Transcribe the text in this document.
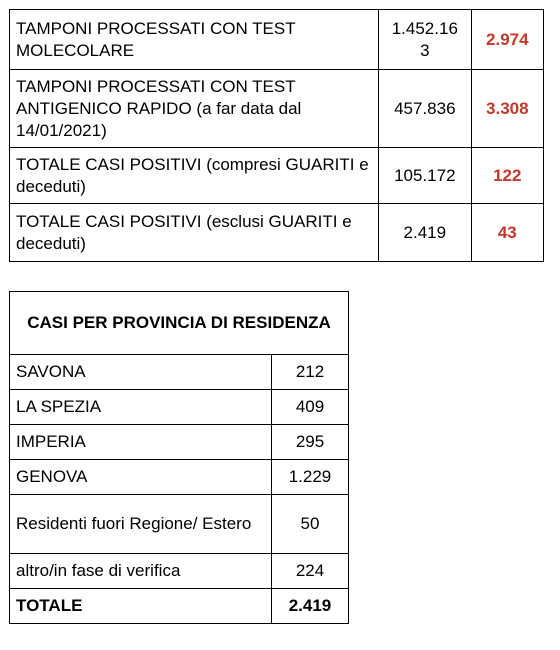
TAMPONI PROCESSATI CON TEST MOLECOLARE	1.452.163	2.974
TAMPONI PROCESSATI CON TEST ANTIGENICO RAPIDO (a far data dal 14/01/2021)	457.836	3.308
TOTALE CASI POSITIVI (compresi GUARITI e deceduti)	105.172	122
TOTALE CASI POSITIVI (esclusi GUARITI e deceduti)	2.419	43
CASI PER PROVINCIA DI RESIDENZA	
SAVONA	212
LA SPEZIA	409
IMPERIA	295
GENOVA	1.229
Residenti fuori Regione/ Estero	50
altro/in fase di verifica	224
TOTALE	2.419
